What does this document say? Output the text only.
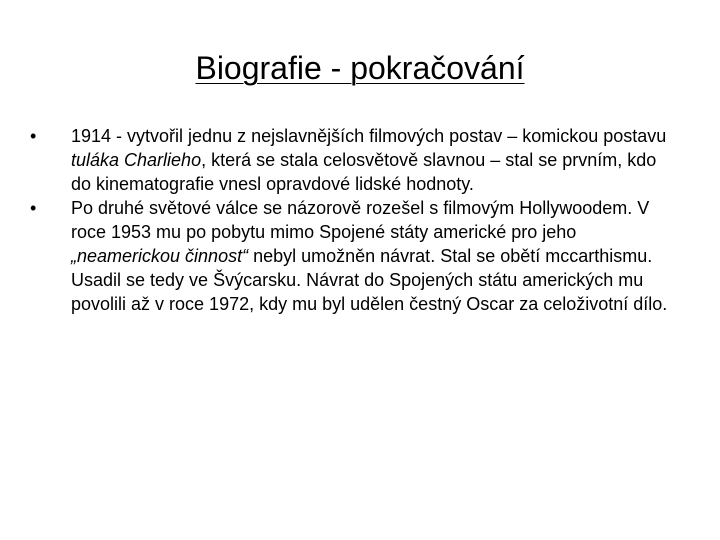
Biografie - pokračování
•	1914 - vytvořil jednu z nejslavnějších filmových postav – komickou postavu tuláka Charlieho, která se stala celosvětově slavnou – stal se prvním, kdo do kinematografie vnesl opravdové lidské hodnoty.
•	Po druhé světové válce se názorově rozešel s filmovým Hollywoodem. V roce 1953 mu po pobytu mimo Spojené státy americké pro jeho „neamerickou činnost“ nebyl umožněn návrat. Stal se obětí mccarthismu. Usadil se tedy ve Švýcarsku. Návrat do Spojených státu amerických mu povolili až v roce 1972, kdy mu byl udělen čestný Oscar za celoživotní dílo.
